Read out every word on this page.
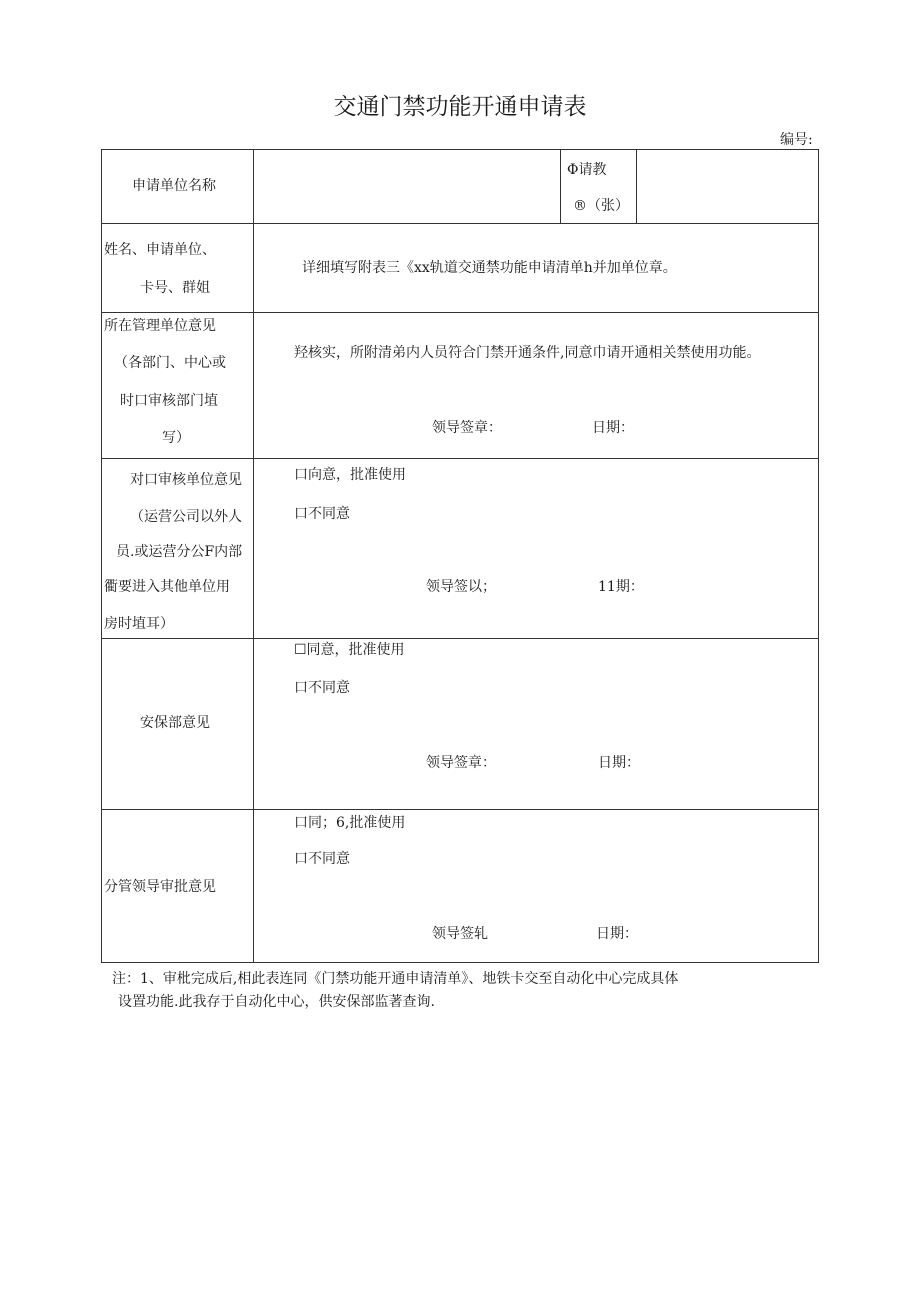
交通门禁功能开通申请表
编号:
申请单位名称		Φ请教
®（张）	

姓名、申请单位、
卡号、群姐	详细填写附表三《xx轨道交通禁功能申请清单h并加单位章。		

所在管理单位意见
（各部门、中心或
时口审核部门埴
写）	羟核实，所附清弟内人员符合门禁开通条件,同意巾请开通相关禁使用功能。
领导签章： 日期：		

对口审核单位意见
（运营公司以外人
员.或运营分公F内部
衢要进入其他单位用
房时埴耳）	口向意，批准使用
口不同意
领导签以； 11期：		

安保部意见	☐同意，批准使用
口不同意
领导签章： 日期：		

分管领导审批意见	口同；6,批准使用
口不同意
领导签轧 日期：		
注：1、审枇完成后,相此表连同《门禁功能开通申请清单》、地铁卡交至自动化中心完成具体
设置功能.此我存于自动化中心，供安保部监著查询.
